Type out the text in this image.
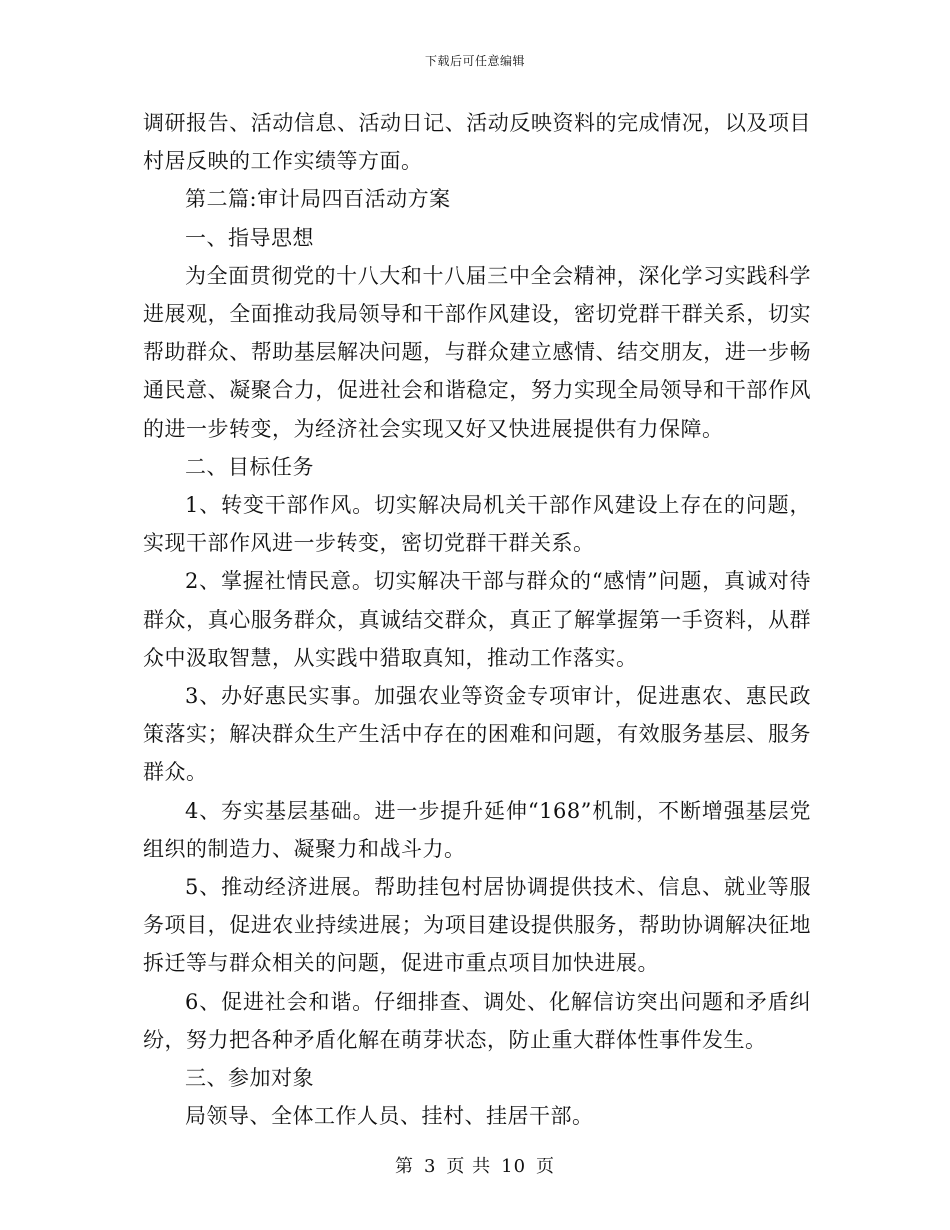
下载后可任意编辑

调研报告、活动信息、活动日记、活动反映资料的完成情况，以及项目村居反映的工作实绩等方面。

第二篇:审计局四百活动方案

一、指导思想

为全面贯彻党的十八大和十八届三中全会精神，深化学习实践科学进展观，全面推动我局领导和干部作风建设，密切党群干群关系，切实帮助群众、帮助基层解决问题，与群众建立感情、结交朋友，进一步畅通民意、凝聚合力，促进社会和谐稳定，努力实现全局领导和干部作风的进一步转变，为经济社会实现又好又快进展提供有力保障。

二、目标任务

1、转变干部作风。切实解决局机关干部作风建设上存在的问题，实现干部作风进一步转变，密切党群干群关系。

2、掌握社情民意。切实解决干部与群众的“感情”问题，真诚对待群众，真心服务群众，真诚结交群众，真正了解掌握第一手资料，从群众中汲取智慧，从实践中猎取真知，推动工作落实。

3、办好惠民实事。加强农业等资金专项审计，促进惠农、惠民政策落实；解决群众生产生活中存在的困难和问题，有效服务基层、服务群众。

4、夯实基层基础。进一步提升延伸“168”机制，不断增强基层党组织的制造力、凝聚力和战斗力。

5、推动经济进展。帮助挂包村居协调提供技术、信息、就业等服务项目，促进农业持续进展；为项目建设提供服务，帮助协调解决征地拆迁等与群众相关的问题，促进市重点项目加快进展。

6、促进社会和谐。仔细排查、调处、化解信访突出问题和矛盾纠纷，努力把各种矛盾化解在萌芽状态，防止重大群体性事件发生。

三、参加对象

局领导、全体工作人员、挂村、挂居干部。

第 3 页 共 10 页
